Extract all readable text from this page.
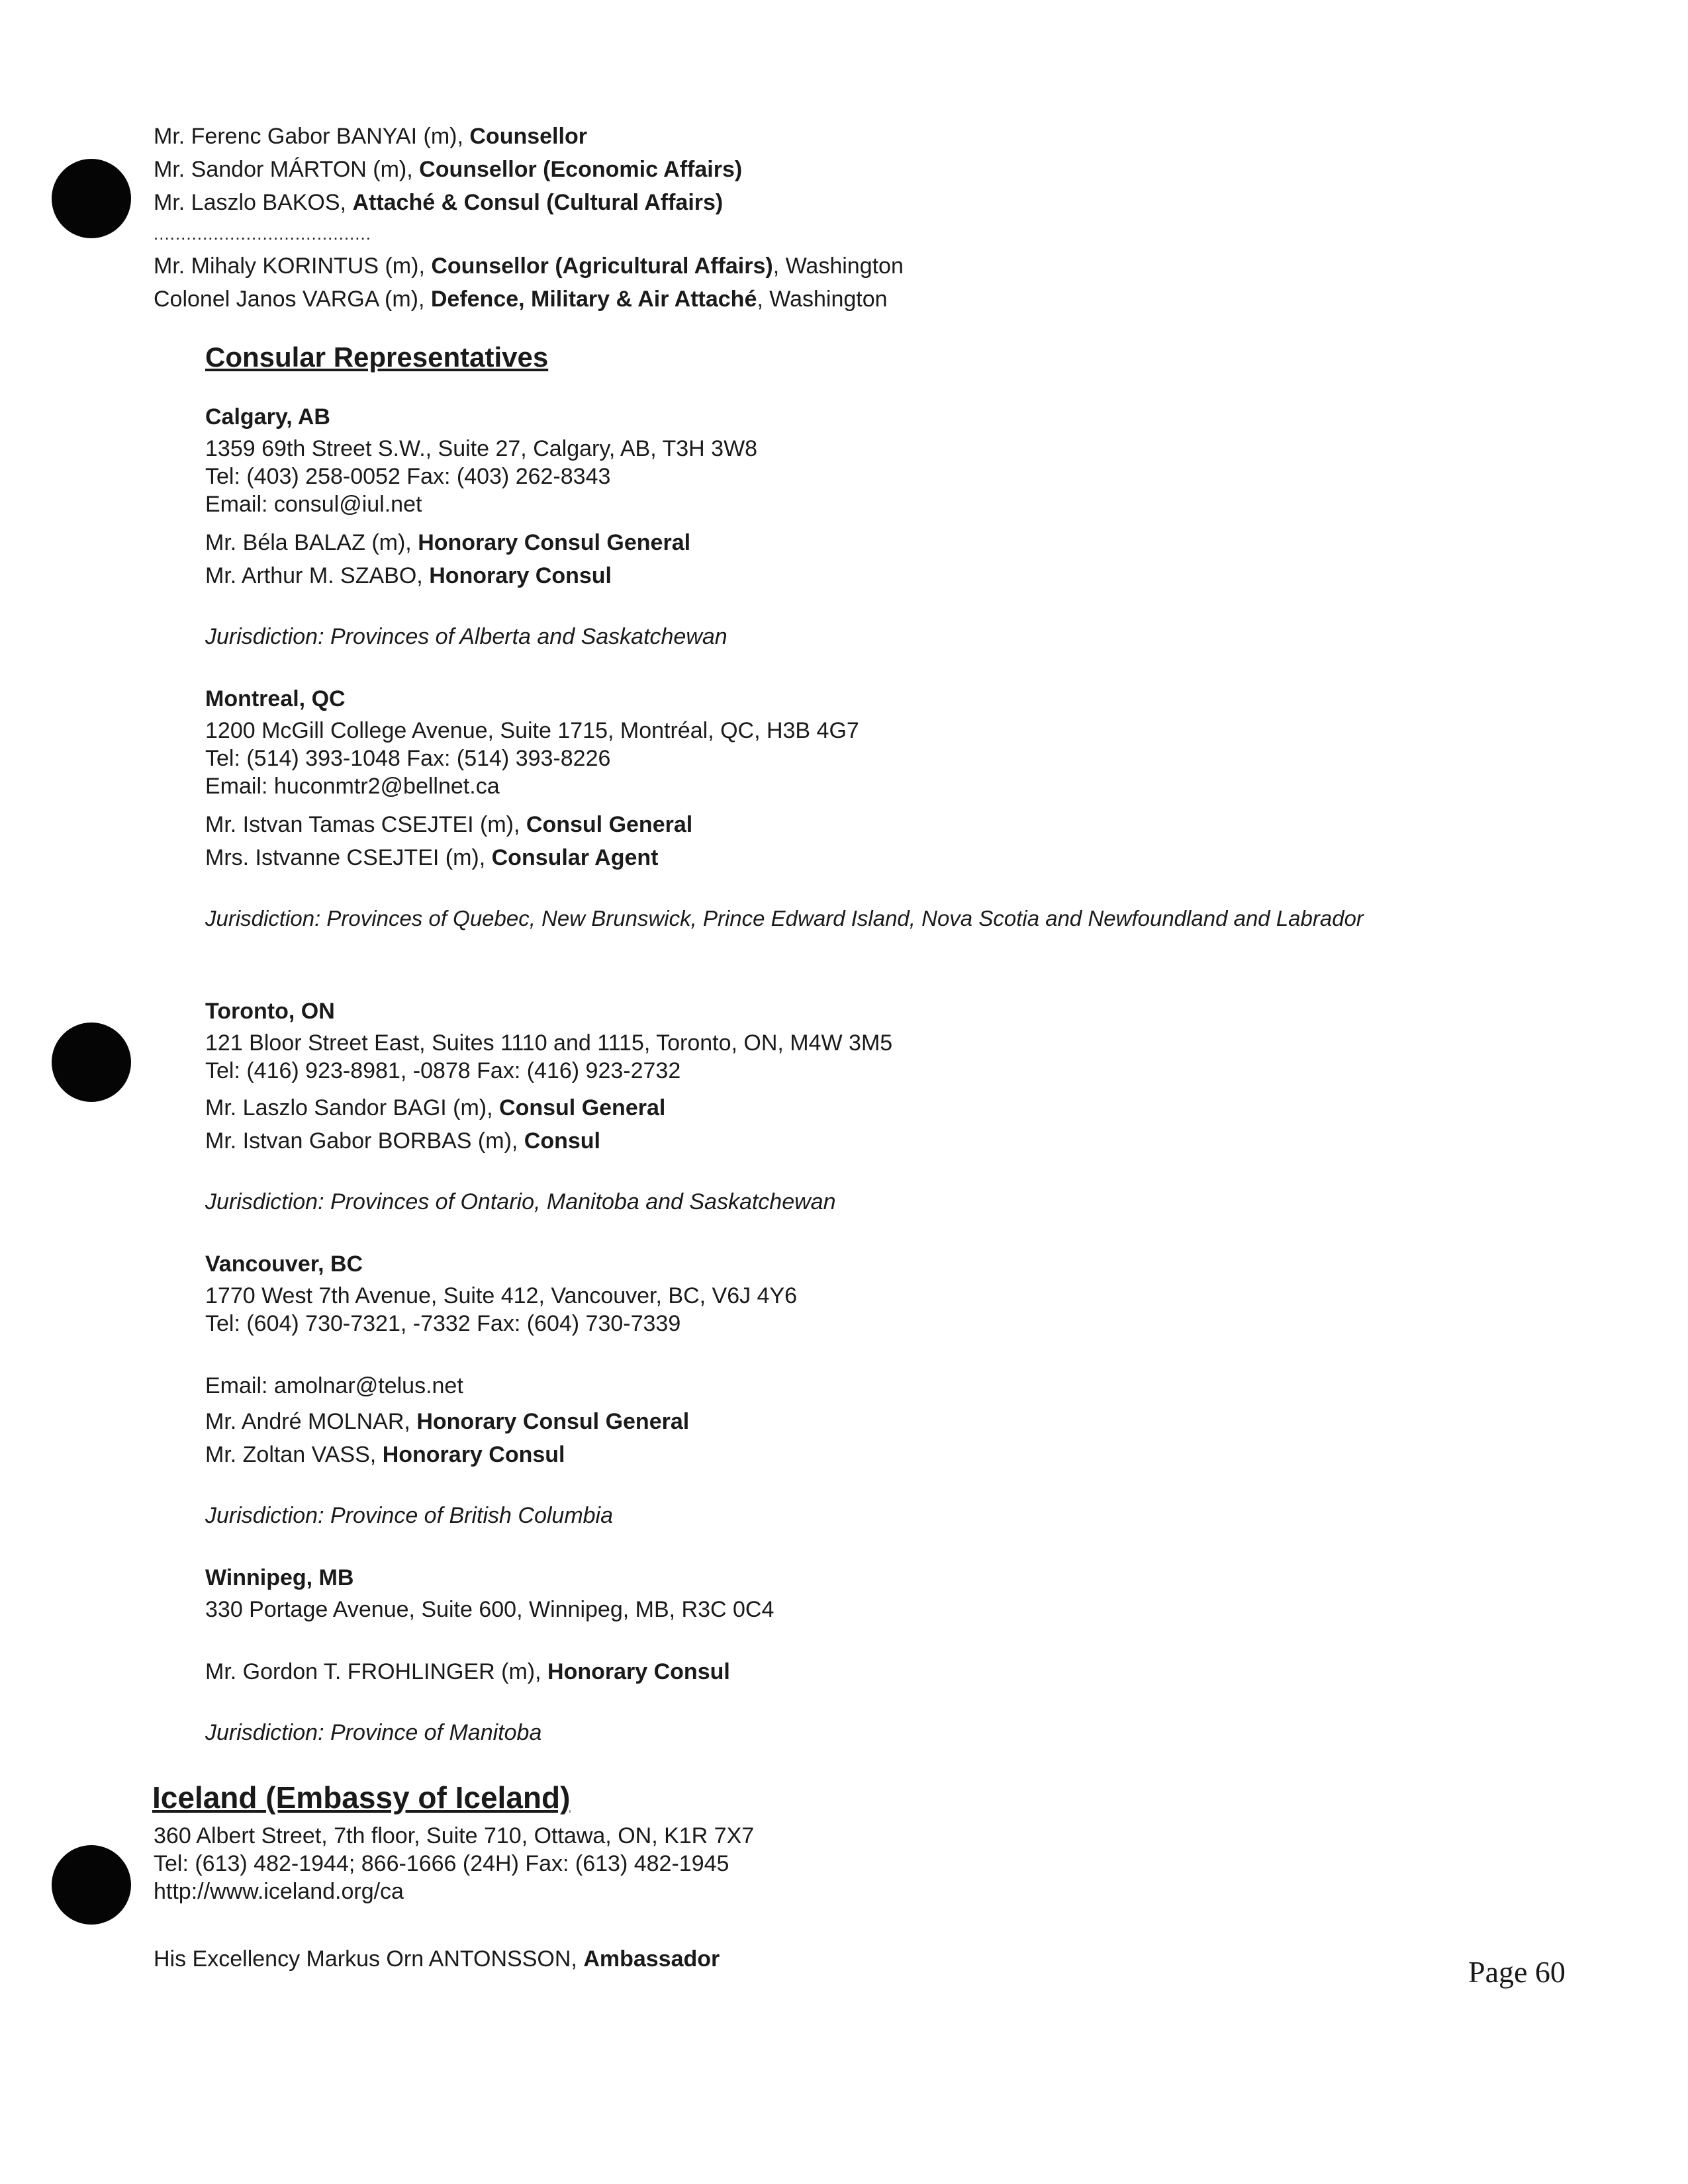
Mr. Ferenc Gabor BANYAI (m), Counsellor
Mr. Sandor MÁRTON (m), Counsellor (Economic Affairs)
Mr. Laszlo BAKOS, Attaché & Consul (Cultural Affairs)
........................................
Mr. Mihaly KORINTUS (m), Counsellor (Agricultural Affairs), Washington
Colonel Janos VARGA (m), Defence, Military & Air Attaché, Washington
Consular Representatives
Calgary, AB
1359 69th Street S.W., Suite 27, Calgary, AB, T3H 3W8
Tel: (403) 258-0052 Fax: (403) 262-8343
Email: consul@iul.net
Mr. Béla BALAZ (m), Honorary Consul General
Mr. Arthur M. SZABO, Honorary Consul
Jurisdiction: Provinces of Alberta and Saskatchewan
Montreal, QC
1200 McGill College Avenue, Suite 1715, Montréal, QC, H3B 4G7
Tel: (514) 393-1048 Fax: (514) 393-8226
Email: huconmtr2@bellnet.ca
Mr. Istvan Tamas CSEJTEI (m), Consul General
Mrs. Istvanne CSEJTEI (m), Consular Agent
Jurisdiction: Provinces of Quebec, New Brunswick, Prince Edward Island, Nova Scotia and Newfoundland and Labrador
Toronto, ON
121 Bloor Street East, Suites 1110 and 1115, Toronto, ON, M4W 3M5
Tel: (416) 923-8981, -0878 Fax: (416) 923-2732
Mr. Laszlo Sandor BAGI (m), Consul General
Mr. Istvan Gabor BORBAS (m), Consul
Jurisdiction: Provinces of Ontario, Manitoba and Saskatchewan
Vancouver, BC
1770 West 7th Avenue, Suite 412, Vancouver, BC, V6J 4Y6
Tel: (604) 730-7321, -7332 Fax: (604) 730-7339
Email: amolnar@telus.net
Mr. André MOLNAR, Honorary Consul General
Mr. Zoltan VASS, Honorary Consul
Jurisdiction: Province of British Columbia
Winnipeg, MB
330 Portage Avenue, Suite 600, Winnipeg, MB, R3C 0C4
Mr. Gordon T. FROHLINGER (m), Honorary Consul
Jurisdiction: Province of Manitoba
Iceland (Embassy of Iceland)
360 Albert Street, 7th floor, Suite 710, Ottawa, ON, K1R 7X7
Tel: (613) 482-1944; 866-1666 (24H) Fax: (613) 482-1945
http://www.iceland.org/ca
His Excellency Markus Orn ANTONSSON, Ambassador	Page 60
